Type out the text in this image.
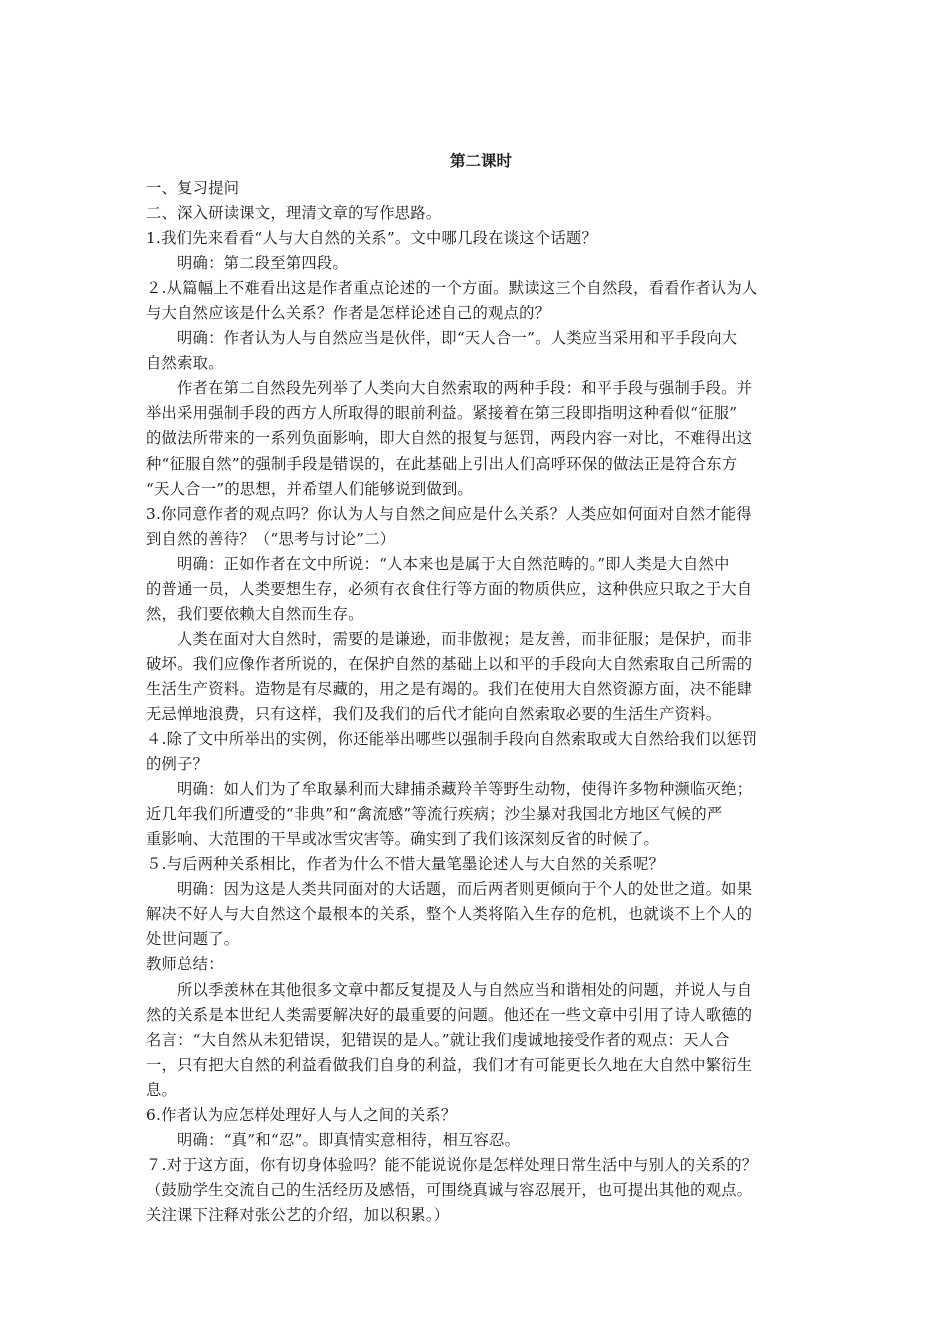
第二课时
一、复习提问
二、深入研读课文，理清文章的写作思路。
1.我们先来看看“人与大自然的关系”。文中哪几段在谈这个话题？
明确：第二段至第四段。
２.从篇幅上不难看出这是作者重点论述的一个方面。默读这三个自然段，看看作者认为人
与大自然应该是什么关系？作者是怎样论述自己的观点的？
明确：作者认为人与自然应当是伙伴，即“天人合一”。人类应当采用和平手段向大
自然索取。
作者在第二自然段先列举了人类向大自然索取的两种手段：和平手段与强制手段。并
举出采用强制手段的西方人所取得的眼前利益。紧接着在第三段即指明这种看似“征服”
的做法所带来的一系列负面影响，即大自然的报复与惩罚，两段内容一对比，不难得出这
种“征服自然”的强制手段是错误的，在此基础上引出人们高呼环保的做法正是符合东方
“天人合一”的思想，并希望人们能够说到做到。
3.你同意作者的观点吗？你认为人与自然之间应是什么关系？人类应如何面对自然才能得
到自然的善待？（“思考与讨论”二）
明确：正如作者在文中所说：“人本来也是属于大自然范畴的。”即人类是大自然中
的普通一员，人类要想生存，必须有衣食住行等方面的物质供应，这种供应只取之于大自
然，我们要依赖大自然而生存。
人类在面对大自然时，需要的是谦逊，而非傲视；是友善，而非征服；是保护，而非
破坏。我们应像作者所说的，在保护自然的基础上以和平的手段向大自然索取自己所需的
生活生产资料。造物是有尽藏的，用之是有竭的。我们在使用大自然资源方面，决不能肆
无忌惮地浪费，只有这样，我们及我们的后代才能向自然索取必要的生活生产资料。
４.除了文中所举出的实例，你还能举出哪些以强制手段向自然索取或大自然给我们以惩罚
的例子？
明确：如人们为了牟取暴利而大肆捕杀藏羚羊等野生动物，使得许多物种濒临灭绝；
近几年我们所遭受的“非典”和“禽流感”等流行疾病；沙尘暴对我国北方地区气候的严
重影响、大范围的干旱或冰雪灾害等。确实到了我们该深刻反省的时候了。
５.与后两种关系相比，作者为什么不惜大量笔墨论述人与大自然的关系呢？
明确：因为这是人类共同面对的大话题，而后两者则更倾向于个人的处世之道。如果
解决不好人与大自然这个最根本的关系，整个人类将陷入生存的危机，也就谈不上个人的
处世问题了。
教师总结：
所以季羡林在其他很多文章中都反复提及人与自然应当和谐相处的问题，并说人与自
然的关系是本世纪人类需要解决好的最重要的问题。他还在一些文章中引用了诗人歌德的
名言：“大自然从未犯错误，犯错误的是人。”就让我们虔诚地接受作者的观点：天人合
一，只有把大自然的利益看做我们自身的利益，我们才有可能更长久地在大自然中繁衍生
息。
6.作者认为应怎样处理好人与人之间的关系？
明确：“真”和“忍”。即真情实意相待，相互容忍。
７.对于这方面，你有切身体验吗？能不能说说你是怎样处理日常生活中与别人的关系的？
（鼓励学生交流自己的生活经历及感悟，可围绕真诚与容忍展开，也可提出其他的观点。
关注课下注释对张公艺的介绍，加以积累。）
